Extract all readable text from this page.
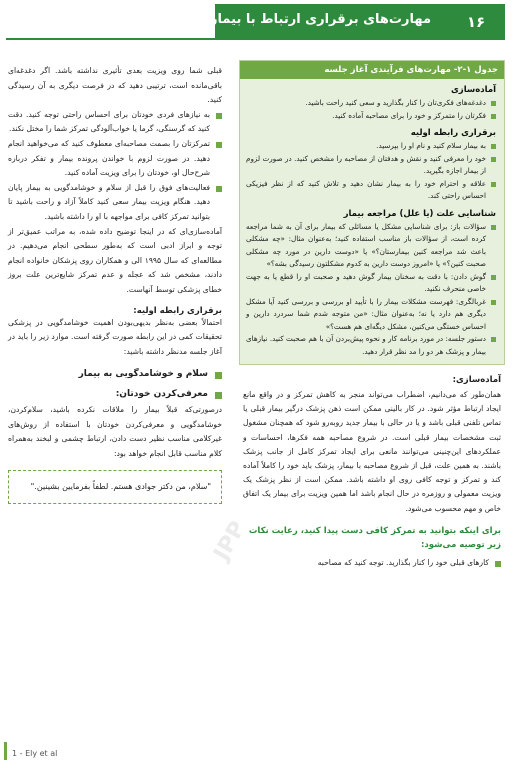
۱۶
مهارت‌های برقراری ارتباط با بیماران
جدول ۱-۲- مهارت‌های فرآیندی آغاز جلسه
آماده‌سازی
دغدغه‌های فکری‌تان را کنار بگذارید و سعی کنید راحت باشید.
فکرتان را متمرکز و خود را برای مصاحبه آماده کنید.
برقراری رابطه اولیه
به بیمار سلام کنید و نام او را بپرسید.
خود را معرفی کنید و نقش و هدفتان از مصاحبه را مشخص کنید. در صورت لزوم از بیمار اجازه بگیرید.
علاقه و احترام خود را به بیمار نشان دهید و تلاش کنید که از نظر فیزیکی احساس راحتی کند.
شناسایی علت (یا علل) مراجعه بیمار
سؤالات باز: برای شناسایی مشکل یا مسائلی که بیمار برای آن به شما مراجعه کرده است، از سؤالات باز مناسب استفاده کنید؛ به‌عنوان مثال: «چه مشکلی باعث شد مراجعه کنین بیمارستان؟» یا «دوست دارین در مورد چه مشکلی صحبت کنین؟» یا «امروز دوست دارین به کدوم مشکلتون رسیدگی بشه؟»
گوش دادن: با دقت به سخنان بیمار گوش دهید و صحبت او را قطع یا به جهت خاصی منحرف نکنید.
غربالگری: فهرست مشکلات بیمار را با تأیید او بررسی و بررسی کنید آیا مشکل دیگری هم دارد یا نه؛ به‌عنوان مثال: «من متوجه شدم شما سردرد دارین و احساس خستگی می‌کنین، مشکل دیگه‌ای هم هست؟»
دستور جلسه: در مورد برنامه کار و نحوه پیش‌بردن آن با هم صحبت کنید. نیازهای بیمار و پزشک هر دو را مد نظر قرار دهید.
آماده‌سازی:
همان‌طور که می‌دانیم، اضطراب می‌تواند منجر به کاهش تمرکز و در واقع مانع ایجاد ارتباط مؤثر شود. در کار بالینی ممکن است ذهن پزشک درگیر بیمار قبلی یا تماس تلفنی قبلی باشد و یا در حالی با بیمار جدید روبه‌رو شود که همچنان مشغول ثبت مشخصات بیمار قبلی است. در شروع مصاحبه همه فکرها، احساسات و عملکردهای این‌چنینی می‌توانند مانعی برای ایجاد تمرکز کامل از جانب پزشک باشند. به همین علت، قبل از شروع مصاحبه با بیمار، پزشک باید خود را کاملاً آماده کند و تمرکز و توجه کافی روی او داشته باشد. ممکن است از نظر پزشک یک ویزیت معمولی و روزمره در حال انجام باشد اما همین ویزیت برای بیمار یک اتفاق خاص و مهم محسوب می‌شود.
برای اینکه بتوانید به تمرکز کافی دست پیدا کنید، رعایت نکات زیر توصیه می‌شود:
کارهای قبلی خود را کنار بگذارید. توجه کنید که مصاحبه
قبلی شما روی ویزیت بعدی تأثیری نداشته باشد. اگر دغدغه‌ای باقی‌مانده است، ترتیبی دهید که در فرصت دیگری به آن رسیدگی کنید.
به نیازهای فردی خودتان برای احساس راحتی توجه کنید. دقت کنید که گرسنگی، گرما یا خواب‌آلودگی تمرکز شما را مختل نکند.
تمرکزتان را بصمت مصاحبه‌ای معطوف کنید که می‌خواهید انجام دهید. در صورت لزوم با خواندن پرونده بیمار و تفکر درباره شرح‌حال او، خودتان را برای ویزیت آماده کنید.
فعالیت‌های فوق را قبل از سلام و خوشامدگویی به بیمار پایان دهید. هنگام ویزیت بیمار سعی کنید کاملاً آزاد و راحت باشید تا بتوانید تمرکز کافی برای مواجهه با او را داشته باشید.
آماده‌سازی‌ای که در اینجا توضیح داده شده، به مراتب عمیق‌تر از توجه و ابراز ادبی است که به‌طور سطحی انجام می‌دهیم. در مطالعه‌ای که سال ۱۹۹۵ الی و همکاران روی پزشکان خانواده انجام دادند، مشخص شد که عجله و عدم تمرکز شایع‌ترین علت بروز خطای پزشکی توسط آنهاست.
برقراری رابطه اولیه:
احتمالاً بعضی به‌نظر بدیهی‌بودن اهمیت خوشامدگویی در پزشکی تحقیقات کمی در این رابطه صورت گرفته است. موارد زیر را باید در آغاز جلسه مدنظر داشته باشید:
سلام و خوشامدگویی به بیمار
معرفی‌کردن خودتان:
درصورتی‌که قبلاً بیمار را ملاقات نکرده باشید، سلام‌کردن، خوشامدگویی و معرفی‌کردن خودتان با استفاده از روش‌های غیرکلامی مناسب نظیر دست دادن، ارتباط چشمی و لبخند به‌همراه کلام مناسب قابل انجام خواهد بود:
"سلام، من دکتر جوادی هستم. لطفاً بفرمایین بشینین."
JPP
1 - Ely et al
